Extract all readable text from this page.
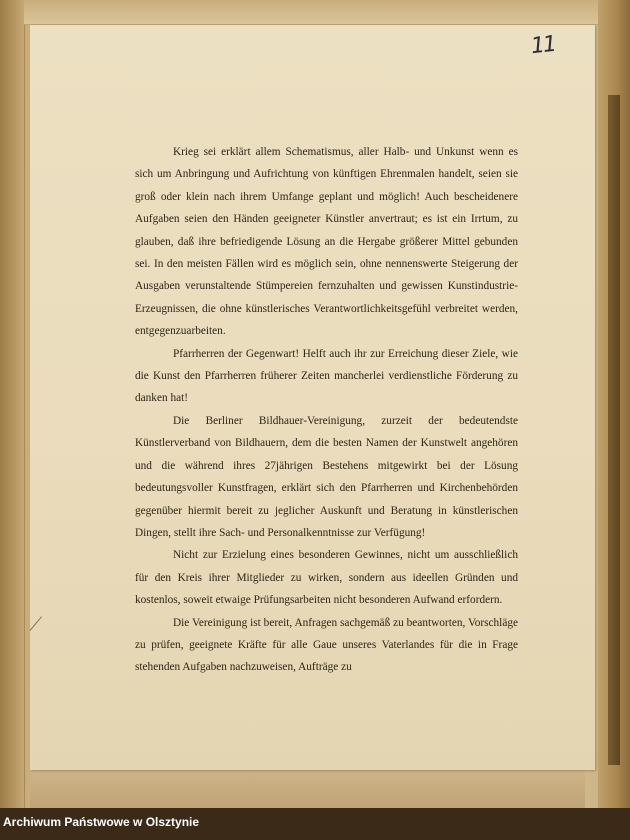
11

Krieg sei erklärt allem Schematismus, aller Halb- und Unkunst wenn es sich um Anbringung und Aufrichtung von künftigen Ehrenmalen handelt, seien sie groß oder klein nach ihrem Umfange geplant und möglich! Auch bescheidenere Aufgaben seien den Händen geeigneter Künstler anvertraut; es ist ein Irrtum, zu glauben, daß ihre befriedigende Lösung an die Hergabe größerer Mittel gebunden sei. In den meisten Fällen wird es möglich sein, ohne nennenswerte Steigerung der Ausgaben verunstaltende Stümpereien fernzuhalten und gewissen Kunstindustrie-Erzeugnissen, die ohne künstlerisches Verantwortlichkeitsgefühl verbreitet werden, entgegenzuarbeiten.

Pfarrherren der Gegenwart! Helft auch ihr zur Erreichung dieser Ziele, wie die Kunst den Pfarrherren früherer Zeiten mancherlei verdienstliche Förderung zu danken hat!

Die Berliner Bildhauer-Vereinigung, zurzeit der bedeutendste Künstlerverband von Bildhauern, dem die besten Namen der Kunstwelt angehören und die während ihres 27jährigen Bestehens mitgewirkt bei der Lösung bedeutungsvoller Kunstfragen, erklärt sich den Pfarrherren und Kirchenbehörden gegenüber hiermit bereit zu jeglicher Auskunft und Beratung in künstlerischen Dingen, stellt ihre Sach- und Personalkenntnisse zur Verfügung!

Nicht zur Erzielung eines besonderen Gewinnes, nicht um ausschließlich für den Kreis ihrer Mitglieder zu wirken, sondern aus ideellen Gründen und kostenlos, soweit etwaige Prüfungsarbeiten nicht besonderen Aufwand erfordern.

Die Vereinigung ist bereit, Anfragen sachgemäß zu beantworten, Vorschläge zu prüfen, geeignete Kräfte für alle Gaue unseres Vaterlandes für die in Frage stehenden Aufgaben nachzuweisen, Aufträge zu

Archiwum Państwowe w Olsztynie
